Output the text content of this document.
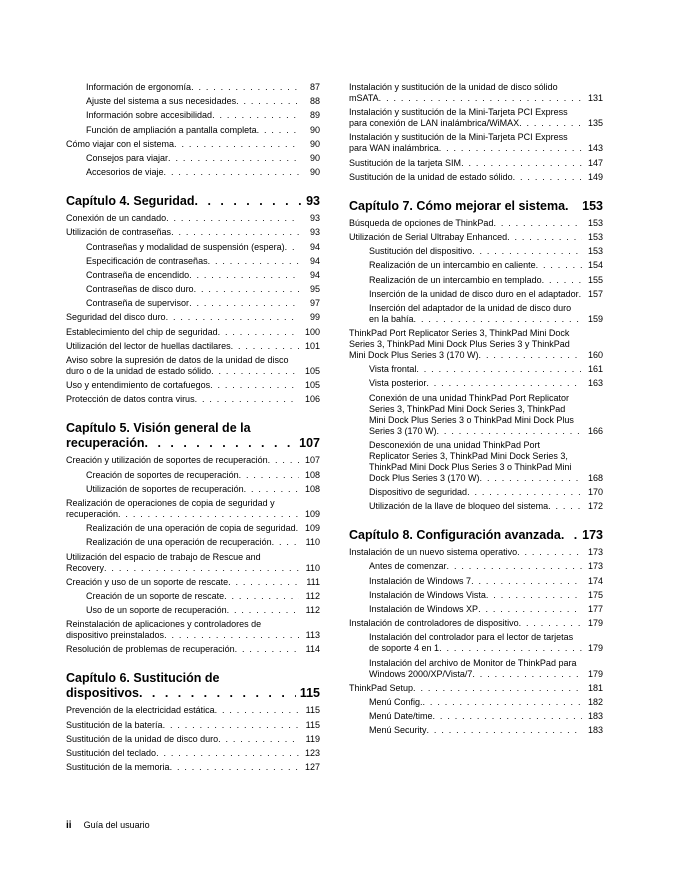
Información de ergonomía . . .	87
Ajuste del sistema a sus necesidades . . .	88
Información sobre accesibilidad . . .	89
Función de ampliación a pantalla completa . . .	90
Cómo viajar con el sistema . . .	90
Consejos para viajar . . .	90
Accesorios de viaje . . .	90
Capítulo 4. Seguridad . . .	93
Conexión de un candado . . .	93
Utilización de contraseñas . . .	93
Contraseñas y modalidad de suspensión (espera) . . .	94
Especificación de contraseñas . . .	94
Contraseña de encendido . . .	94
Contraseñas de disco duro . . .	95
Contraseña de supervisor . . .	97
Seguridad del disco duro . . .	99
Establecimiento del chip de seguridad . . .	100
Utilización del lector de huellas dactilares . . .	101
Aviso sobre la supresión de datos de la unidad de disco duro o de la unidad de estado sólido . . .	105
Uso y entendimiento de cortafuegos . . .	105
Protección de datos contra virus . . .	106
Capítulo 5. Visión general de la recuperación . . .	107
Creación y utilización de soportes de recuperación . . .	107
Creación de soportes de recuperación . . .	108
Utilización de soportes de recuperación . . .	108
Realización de operaciones de copia de seguridad y recuperación . . .	109
Realización de una operación de copia de seguridad . . .	109
Realización de una operación de recuperación . . .	110
Utilización del espacio de trabajo de Rescue and Recovery . . .	110
Creación y uso de un soporte de rescate . . .	111
Creación de un soporte de rescate . . .	112
Uso de un soporte de recuperación . . .	112
Reinstalación de aplicaciones y controladores de dispositivo preinstalados . . .	113
Resolución de problemas de recuperación . . .	114
Capítulo 6. Sustitución de dispositivos . . .	115
Prevención de la electricidad estática . . .	115
Sustitución de la batería . . .	115
Sustitución de la unidad de disco duro . . .	119
Sustitución del teclado . . .	123
Sustitución de la memoria . . .	127
Instalación y sustitución de la unidad de disco sólido mSATA . . .	131
Instalación y sustitución de la Mini-Tarjeta PCI Express para conexión de LAN inalámbrica/WiMAX . . .	135
Instalación y sustitución de la Mini-Tarjeta PCI Express para WAN inalámbrica . . .	143
Sustitución de la tarjeta SIM . . .	147
Sustitución de la unidad de estado sólido . . .	149
Capítulo 7. Cómo mejorar el sistema . . .	153
Búsqueda de opciones de ThinkPad . . .	153
Utilización de Serial Ultrabay Enhanced . . .	153
Sustitución del dispositivo . . .	153
Realización de un intercambio en caliente . . .	154
Realización de un intercambio en templado . . .	155
Inserción de la unidad de disco duro en el adaptador . . .	157
Inserción del adaptador de la unidad de disco duro en la bahía . . .	159
ThinkPad Port Replicator Series 3, ThinkPad Mini Dock Series 3, ThinkPad Mini Dock Plus Series 3 y ThinkPad Mini Dock Plus Series 3 (170 W) . . .	160
Vista frontal . . .	161
Vista posterior . . .	163
Conexión de una unidad ThinkPad Port Replicator Series 3, ThinkPad Mini Dock Series 3, ThinkPad Mini Dock Plus Series 3 o ThinkPad Mini Dock Plus Series 3 (170 W) . . .	166
Desconexión de una unidad ThinkPad Port Replicator Series 3, ThinkPad Mini Dock Series 3, ThinkPad Mini Dock Plus Series 3 o ThinkPad Mini Dock Plus Series 3 (170 W) . . .	168
Dispositivo de seguridad . . .	170
Utilización de la llave de bloqueo del sistema . . .	172
Capítulo 8. Configuración avanzada . . .	173
Instalación de un nuevo sistema operativo . . .	173
Antes de comenzar . . .	173
Instalación de Windows 7 . . .	174
Instalación de Windows Vista . . .	175
Instalación de Windows XP . . .	177
Instalación de controladores de dispositivo . . .	179
Instalación del controlador para el lector de tarjetas de soporte 4 en 1 . . .	179
Instalación del archivo de Monitor de ThinkPad para Windows 2000/XP/Vista/7 . . .	179
ThinkPad Setup . . .	181
Menú Config. . . .	182
Menú Date/time . . .	183
Menú Security . . .	183
ii Guía del usuario
